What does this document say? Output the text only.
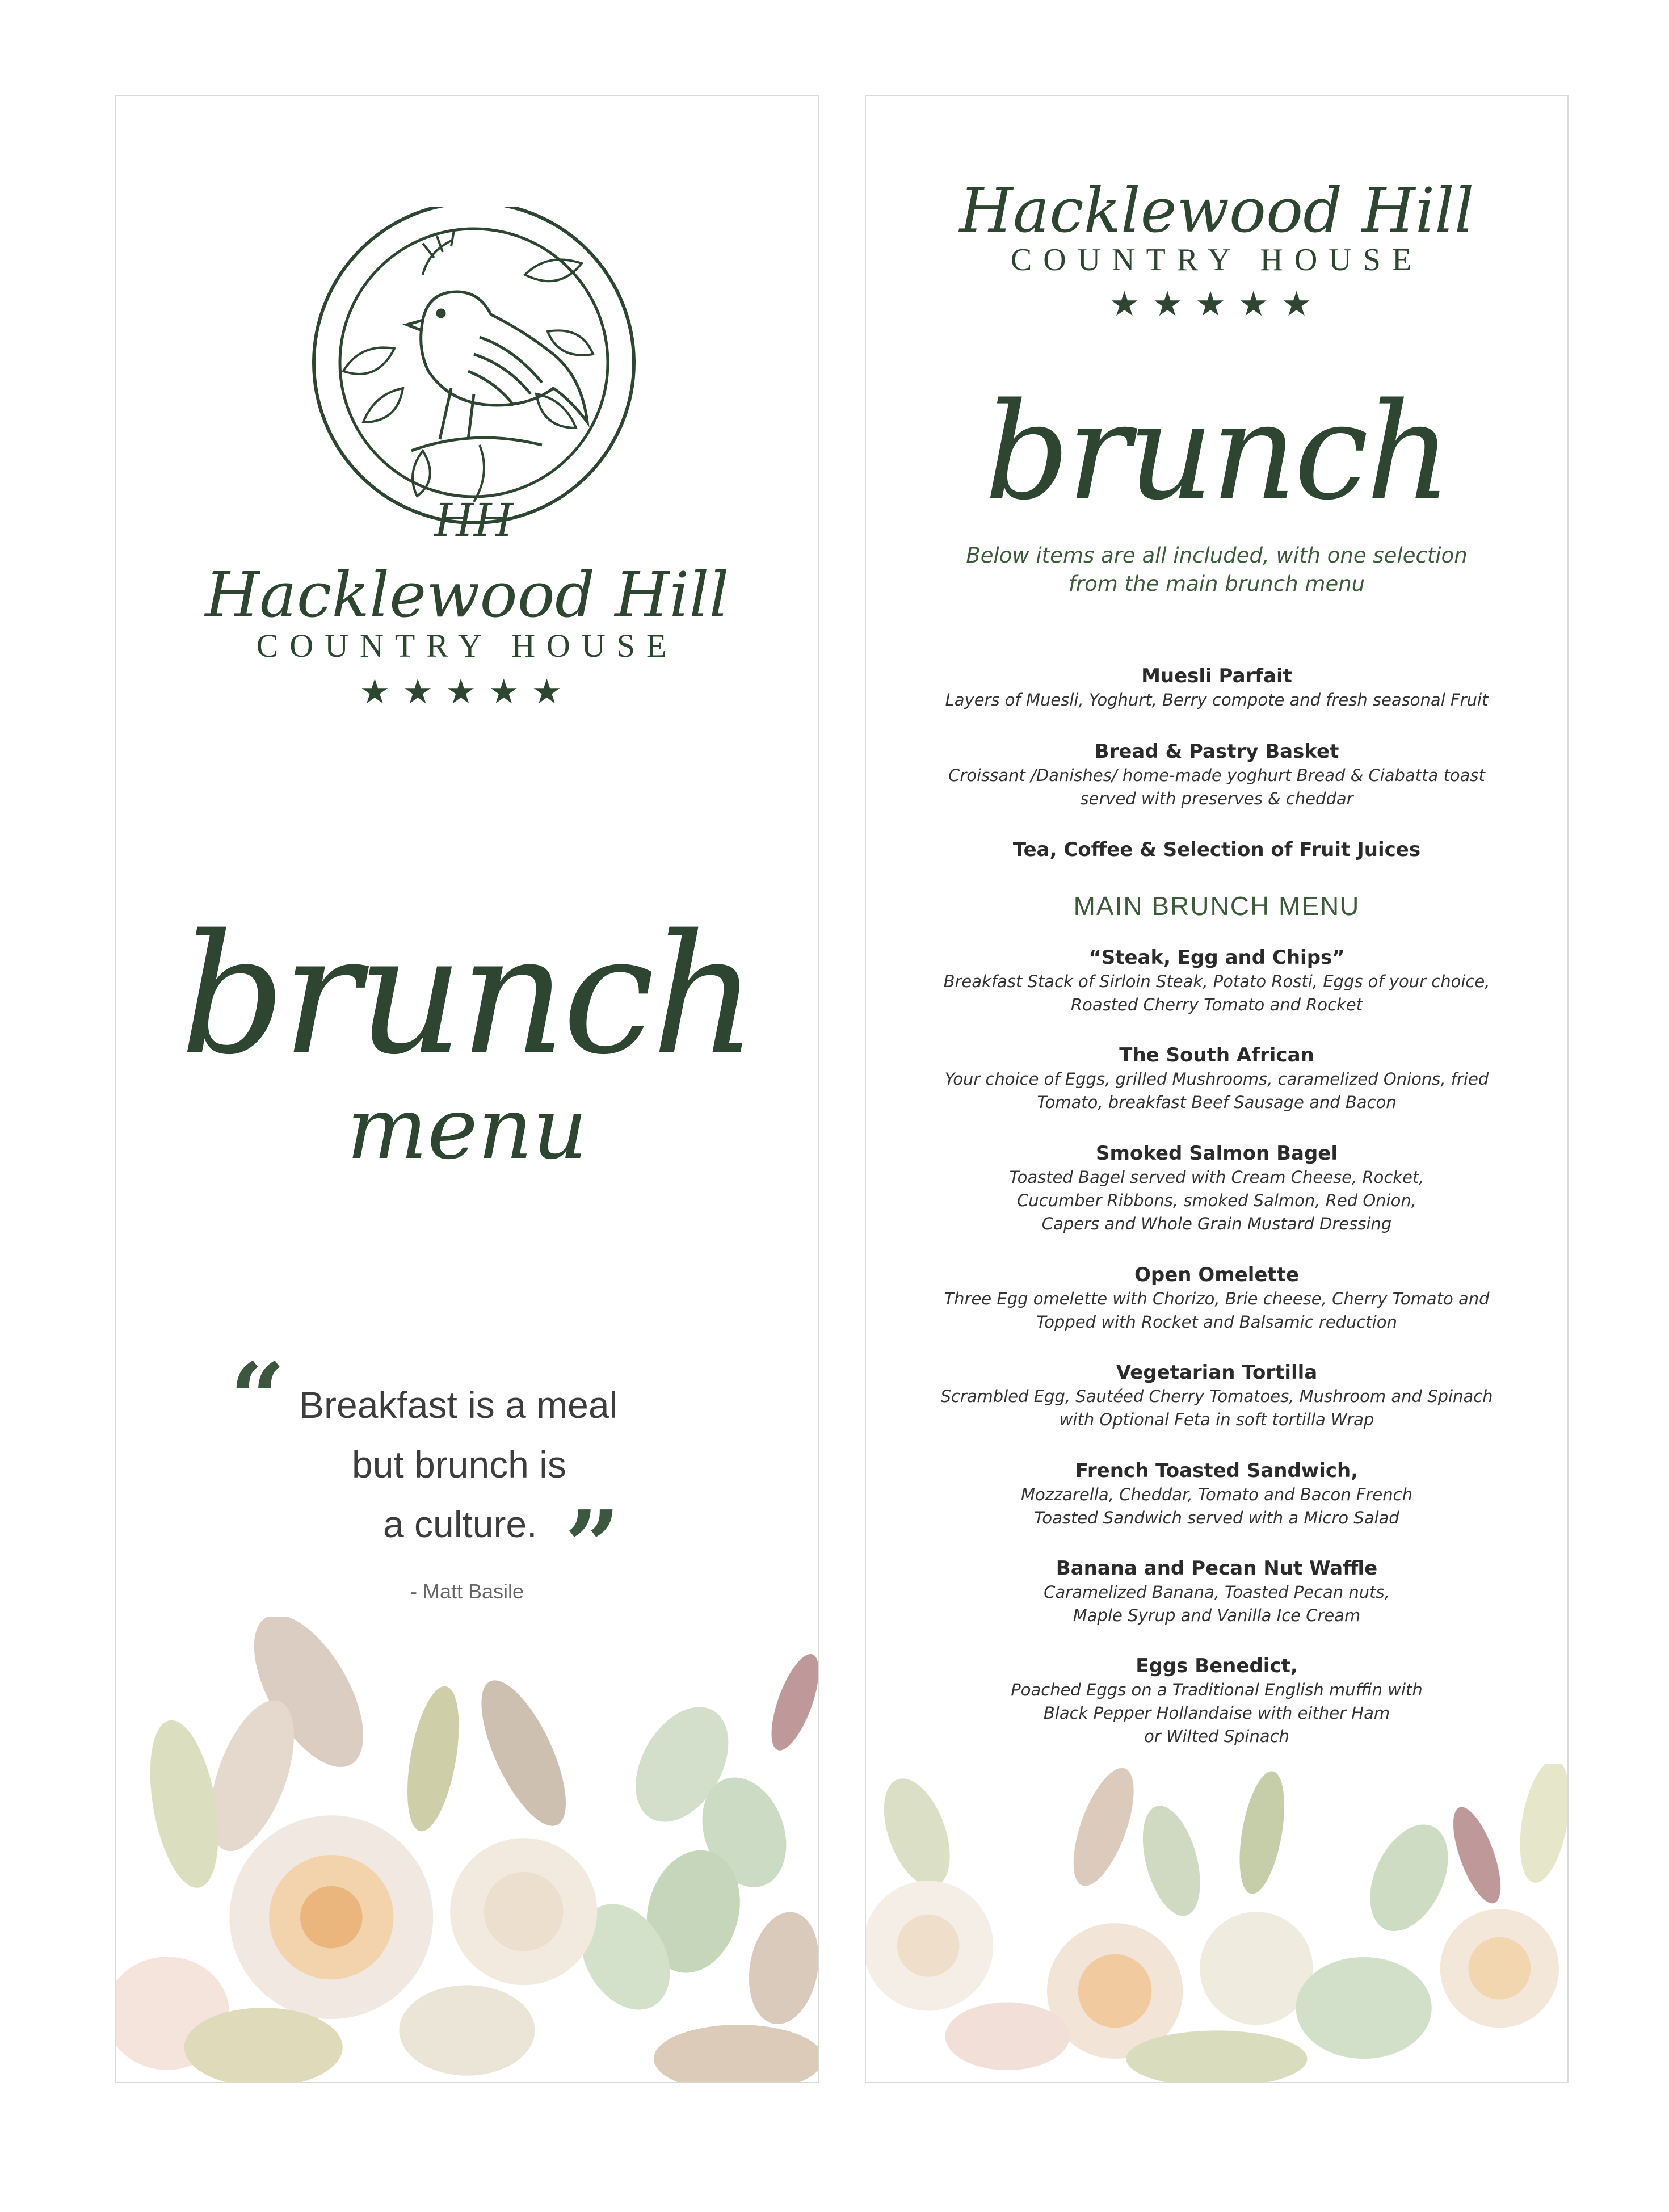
HH
Hacklewood Hill
COUNTRY HOUSE
★★★★★
brunch
menu
“ Breakfast is a meal
but brunch is
a culture. ”
- Matt Basile
Hacklewood Hill
COUNTRY HOUSE
★★★★★
brunch
Below items are all included, with one selection
from the main brunch menu
Muesli Parfait
Layers of Muesli, Yoghurt, Berry compote and fresh seasonal Fruit
Bread & Pastry Basket
Croissant /Danishes/ home-made yoghurt Bread & Ciabatta toast
served with preserves & cheddar
Tea, Coffee & Selection of Fruit Juices
MAIN BRUNCH MENU
“Steak, Egg and Chips”
Breakfast Stack of Sirloin Steak, Potato Rosti, Eggs of your choice,
Roasted Cherry Tomato and Rocket
The South African
Your choice of Eggs, grilled Mushrooms, caramelized Onions, fried
Tomato, breakfast Beef Sausage and Bacon
Smoked Salmon Bagel
Toasted Bagel served with Cream Cheese, Rocket,
Cucumber Ribbons, smoked Salmon, Red Onion,
Capers and Whole Grain Mustard Dressing
Open Omelette
Three Egg omelette with Chorizo, Brie cheese, Cherry Tomato and
Topped with Rocket and Balsamic reduction
Vegetarian Tortilla
Scrambled Egg, Sautéed Cherry Tomatoes, Mushroom and Spinach
with Optional Feta in soft tortilla Wrap
French Toasted Sandwich,
Mozzarella, Cheddar, Tomato and Bacon French
Toasted Sandwich served with a Micro Salad
Banana and Pecan Nut Waffle
Caramelized Banana, Toasted Pecan nuts,
Maple Syrup and Vanilla Ice Cream
Eggs Benedict,
Poached Eggs on a Traditional English muffin with
Black Pepper Hollandaise with either Ham
or Wilted Spinach
